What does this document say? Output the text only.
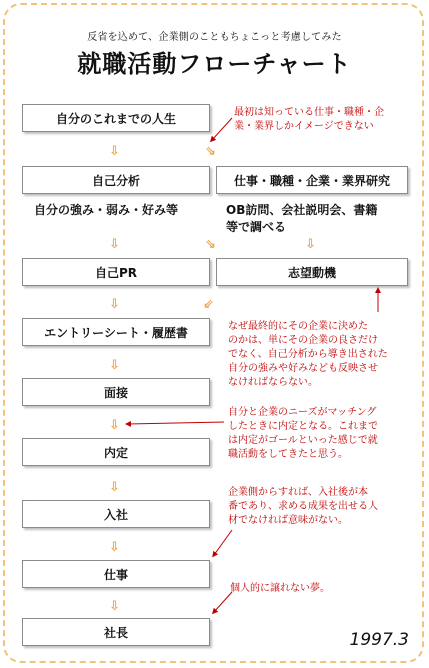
反省を込めて、企業側のこともちょこっと考慮してみた
就職活動フローチャート
自分のこれまでの人生
自己分析	仕事・職種・企業・業界研究
自己PR	志望動機
エントリーシート・履歴書
面接
内定
入社
仕事
社長
自分の強み・弱み・好み等	OB訪問、会社説明会、書籍
等で調べる
⇩	⇘
⇩	⇘	⇩
⇩	⇙
⇩
⇩
⇩
⇩
⇩
最初は知っている仕事・職種・企
業・業界しかイメージできない
なぜ最終的にその企業に決めた
のかは、単にその企業の良さだけ
でなく、自己分析から導き出された
自分の強みや好みなども反映させ
なければならない。
自分と企業のニーズがマッチング
したときに内定となる。これまで
は内定がゴールといった感じで就
職活動をしてきたと思う。
企業側からすれば、入社後が本
番であり、求める成果を出せる人
材でなければ意味がない。
個人的に譲れない夢。
1997.3
